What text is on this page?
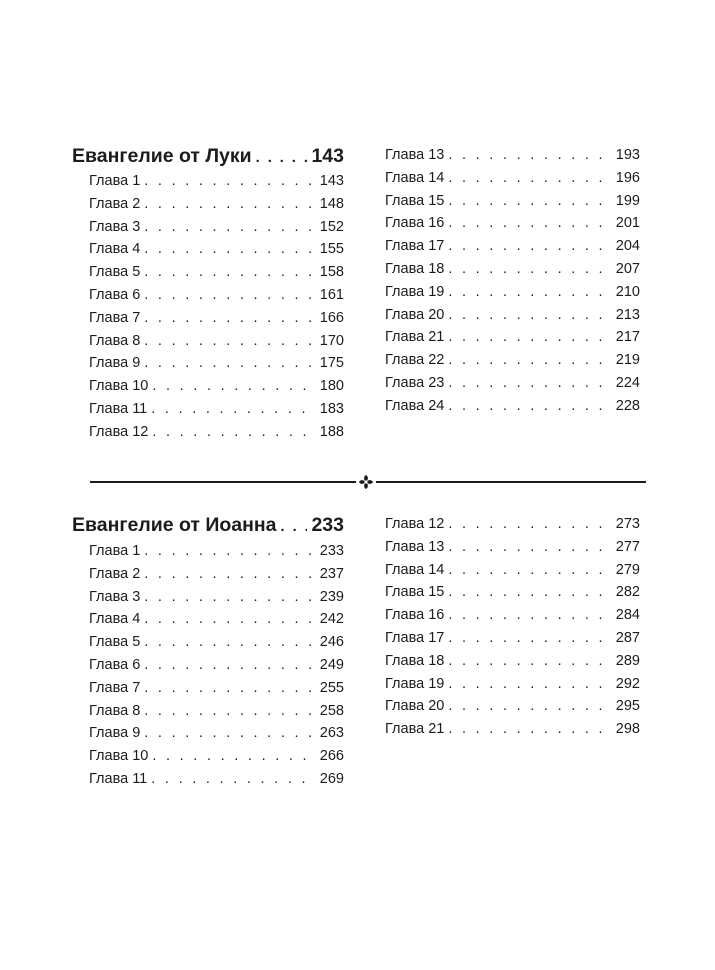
Евангелие от Луки . . .	143
Глава 1 . . .	143
Глава 2 . . .	148
Глава 3 . . .	152
Глава 4 . . .	155
Глава 5 . . .	158
Глава 6 . . .	161
Глава 7 . . .	166
Глава 8 . . .	170
Глава 9 . . .	175
Глава 10 . . .	180
Глава 11 . . .	183
Глава 12 . . .	188
Глава 13 . . .	193
Глава 14 . . .	196
Глава 15 . . .	199
Глава 16 . . .	201
Глава 17 . . .	204
Глава 18 . . .	207
Глава 19 . . .	210
Глава 20 . . .	213
Глава 21 . . .	217
Глава 22 . . .	219
Глава 23 . . .	224
Глава 24 . . .	228
Евангелие от Иоанна . . . 233
Глава 1 . . .	233
Глава 2 . . .	237
Глава 3 . . .	239
Глава 4 . . .	242
Глава 5 . . .	246
Глава 6 . . .	249
Глава 7 . . .	255
Глава 8 . . .	258
Глава 9 . . .	263
Глава 10 . . .	266
Глава 11 . . .	269
Глава 12 . . .	273
Глава 13 . . .	277
Глава 14 . . .	279
Глава 15 . . .	282
Глава 16 . . .	284
Глава 17 . . .	287
Глава 18 . . .	289
Глава 19 . . .	292
Глава 20 . . .	295
Глава 21 . . .	298
